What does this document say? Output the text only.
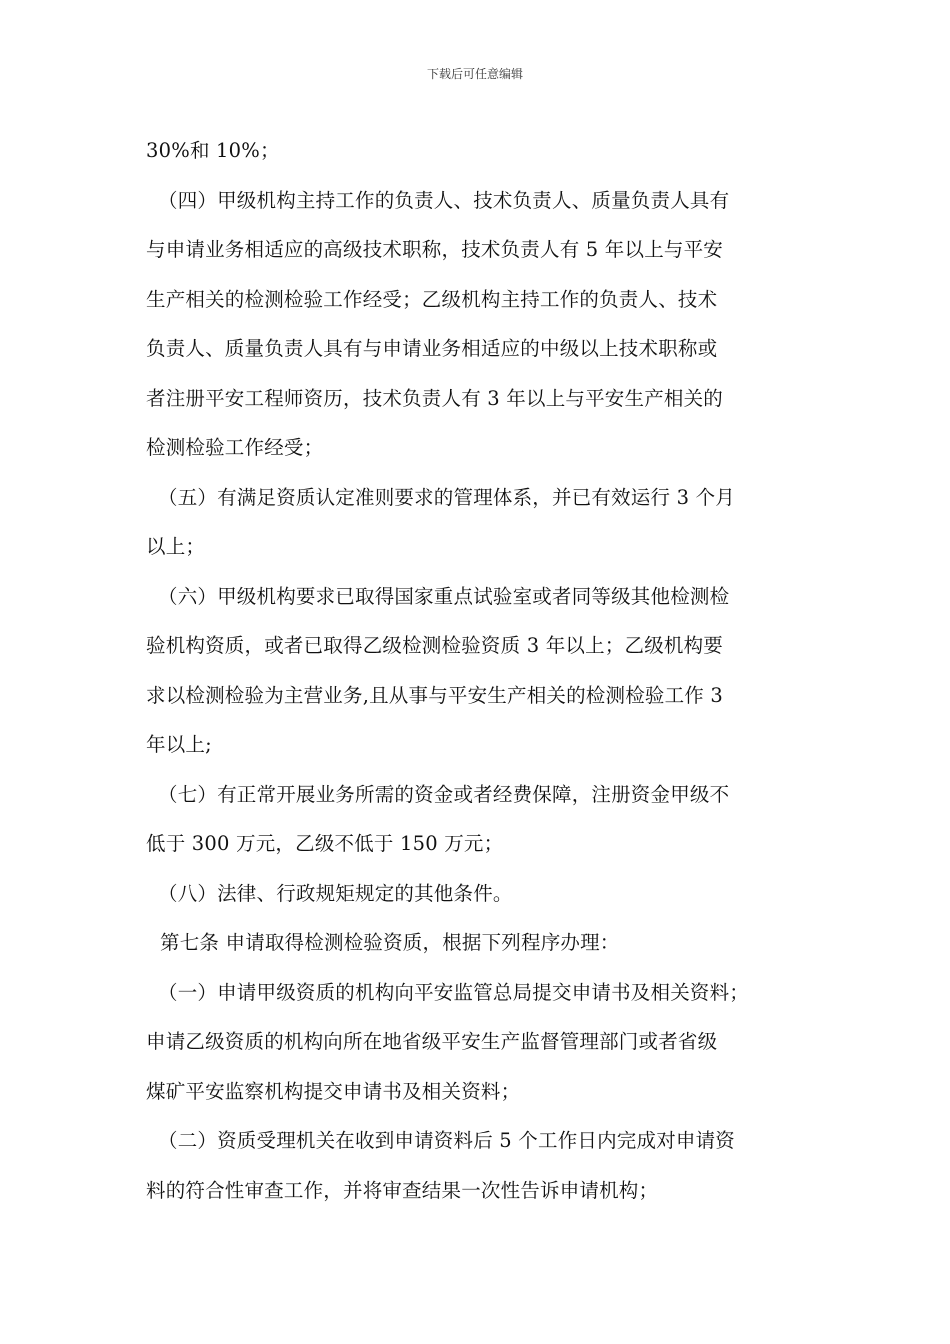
下载后可任意编辑
30%和 10%；
（四）甲级机构主持工作的负责人、技术负责人、质量负责人具有
与申请业务相适应的高级技术职称，技术负责人有 5 年以上与平安
生产相关的检测检验工作经受；乙级机构主持工作的负责人、技术
负责人、质量负责人具有与申请业务相适应的中级以上技术职称或
者注册平安工程师资历，技术负责人有 3 年以上与平安生产相关的
检测检验工作经受；
（五）有满足资质认定准则要求的管理体系，并已有效运行 3 个月
以上；
（六）甲级机构要求已取得国家重点试验室或者同等级其他检测检
验机构资质，或者已取得乙级检测检验资质 3 年以上；乙级机构要
求以检测检验为主营业务,且从事与平安生产相关的检测检验工作 3
年以上;
（七）有正常开展业务所需的资金或者经费保障，注册资金甲级不
低于 300 万元，乙级不低于 150 万元；
（八）法律、行政规矩规定的其他条件。
第七条 申请取得检测检验资质，根据下列程序办理：
（一）申请甲级资质的机构向平安监管总局提交申请书及相关资料；
申请乙级资质的机构向所在地省级平安生产监督管理部门或者省级
煤矿平安监察机构提交申请书及相关资料；
（二）资质受理机关在收到申请资料后 5 个工作日内完成对申请资
料的符合性审查工作，并将审查结果一次性告诉申请机构；
